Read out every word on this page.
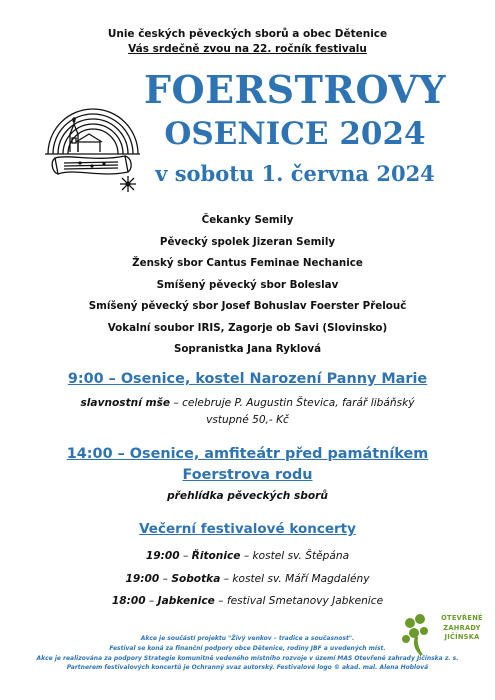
Unie českých pěveckých sborů a obec Dětenice
Vás srdečně zvou na 22. ročník festivalu
FOERSTROVY
OSENICE 2024
v sobotu 1. června 2024
Čekanky Semily
Pěvecký spolek Jizeran Semily
Ženský sbor Cantus Feminae Nechanice
Smíšený pěvecký sbor Boleslav
Smíšený pěvecký sbor Josef Bohuslav Foerster Přelouč
Vokalní soubor IRIS, Zagorje ob Savi (Slovinsko)
Sopranistka Jana Ryklová
9:00 – Osenice, kostel Narození Panny Marie
slavnostní mše – celebruje P. Augustin Števica, farář libáňský
vstupné 50,- Kč
14:00 – Osenice, amfiteátr před památníkem
Foerstrova rodu
přehlídka pěveckých sborů
Večerní festivalové koncerty
19:00 – Řitonice – kostel sv. Štěpána
19:00 – Sobotka – kostel sv. Máří Magdalény
18:00 – Jabkenice – festival Smetanovy Jabkenice
OTEVŘENÉ
ZAHRADY
JIČÍNSKA
Akce je součástí projektu "Živý venkov – tradice a současnost".
Festival se koná za finanční podpory obce Dětenice, rodiny JBF a uvedených míst.
Akce je realizována za podpory Strategie komunitně vedeného místního rozvoje v území MAS Otevřené zahrady Jičínska z. s.
Partnerem festivalových koncertů je Ochranný svaz autorský. Festivalové logo © akad. mal. Alena Hoblová
